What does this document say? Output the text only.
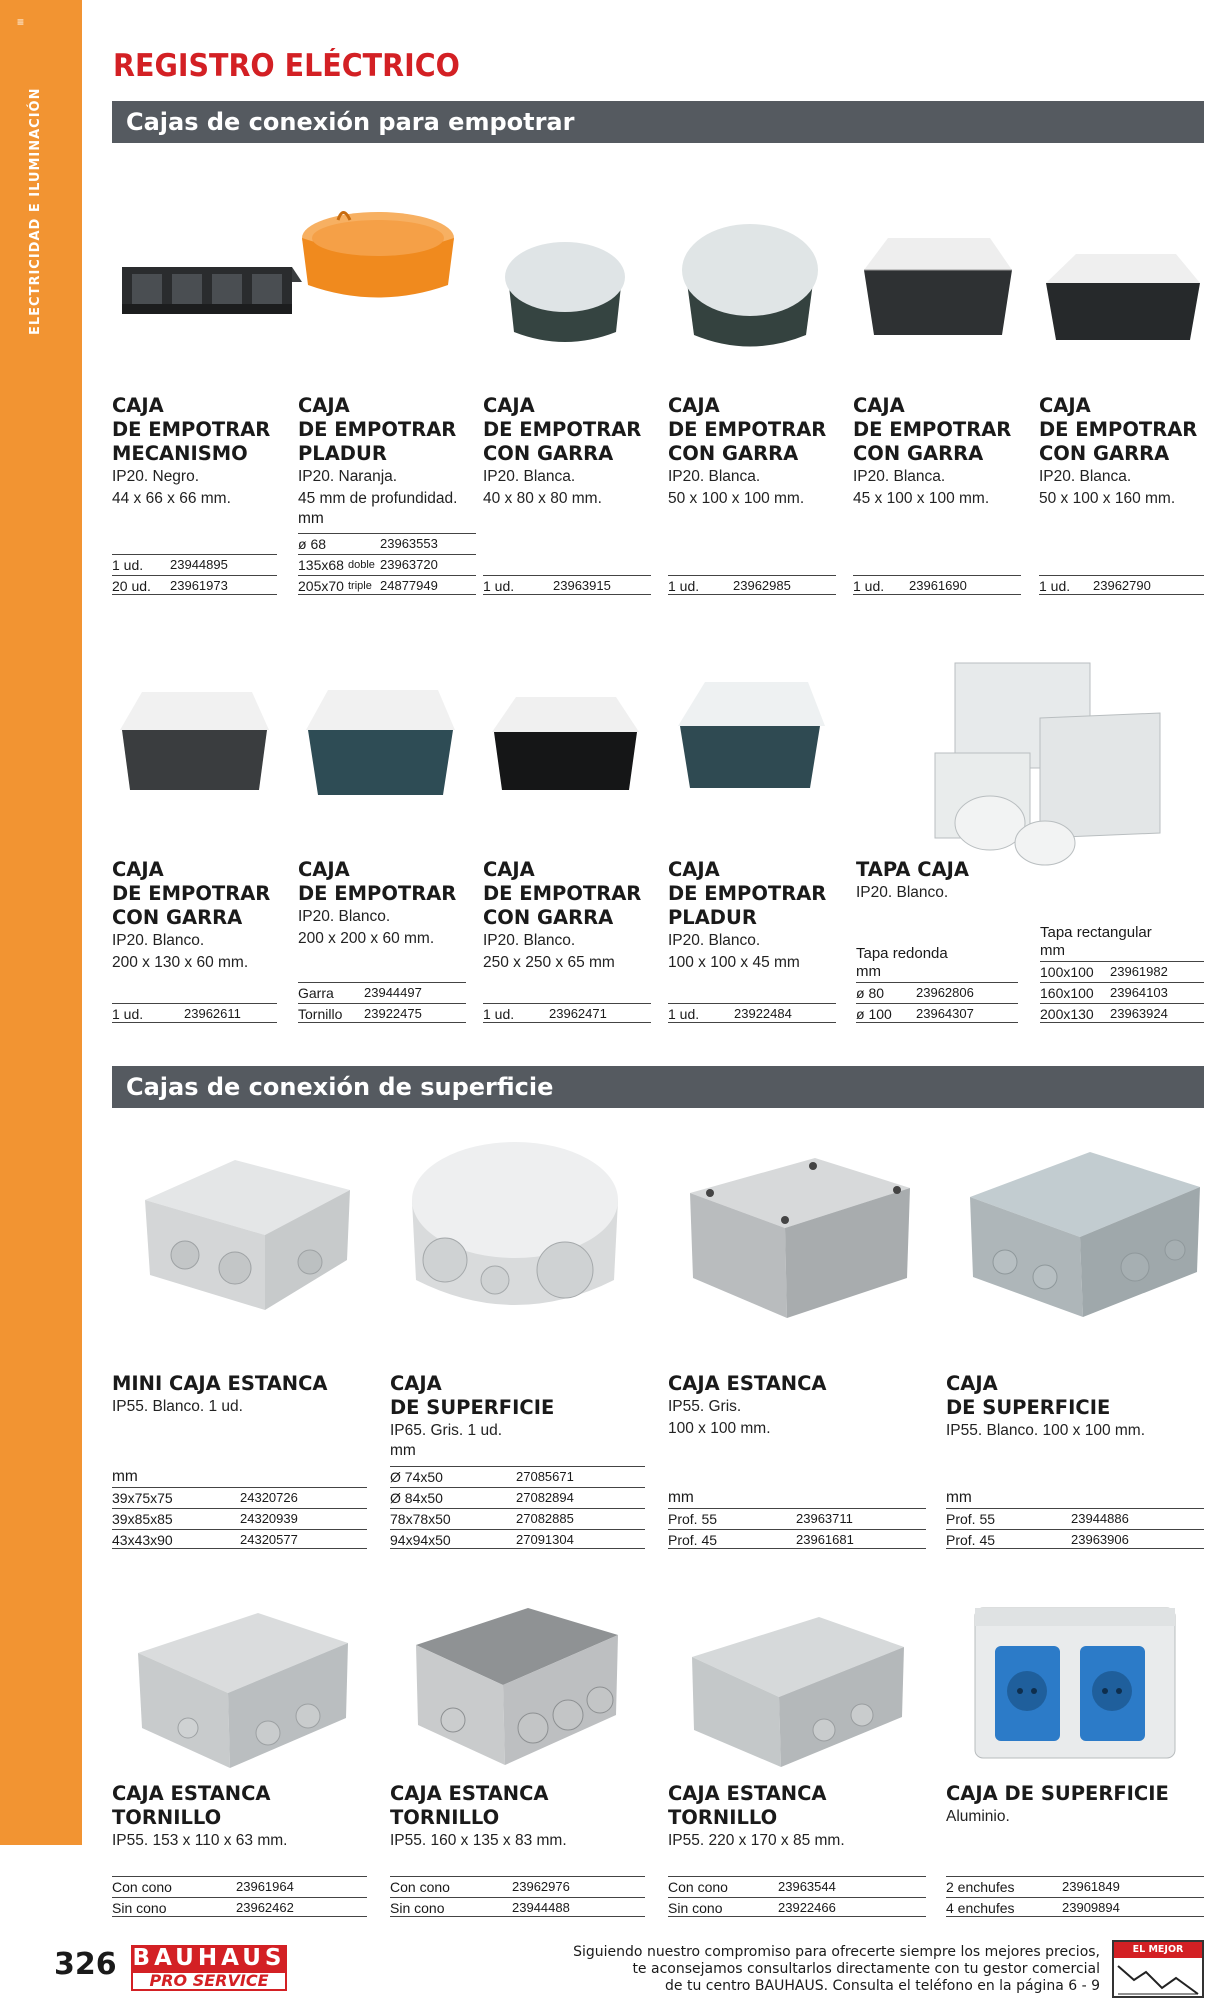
≡
ELECTRICIDAD E ILUMINACIÓN
REGISTRO ELÉCTRICO
Cajas de conexión para empotrar
Cajas de conexión de superficie
CAJA
DE EMPOTRAR
MECANISMO
IP20. Negro.
44 x 66 x 66 mm.
1 ud. 23944895
20 ud. 23961973
CAJA
DE EMPOTRAR
PLADUR
IP20. Naranja.
45 mm de profundidad.
mm
ø 68	23963553
135x68 doble 23963720
205x70 triple 24877949
CAJA
DE EMPOTRAR
CON GARRA
IP20. Blanca.
40 x 80 x 80 mm.
1 ud.	23963915
CAJA
DE EMPOTRAR
CON GARRA
IP20. Blanca.
50 x 100 x 100 mm.
1 ud.	23962985
CAJA
DE EMPOTRAR
CON GARRA
IP20. Blanca.
45 x 100 x 100 mm.
1 ud. 23961690
CAJA
DE EMPOTRAR
CON GARRA
IP20. Blanca.
50 x 100 x 160 mm.
1 ud. 23962790
CAJA
DE EMPOTRAR
CON GARRA
IP20. Blanco.
200 x 130 x 60 mm.
1 ud.	23962611
CAJA
DE EMPOTRAR
IP20. Blanco.
200 x 200 x 60 mm.
Garra 23944497
Tornillo 23922475
CAJA
DE EMPOTRAR
CON GARRA
IP20. Blanco.
250 x 250 x 65 mm
1 ud.	23962471
CAJA
DE EMPOTRAR
PLADUR
IP20. Blanco.
100 x 100 x 45 mm
1 ud.	23922484
TAPA CAJA
IP20. Blanco.
Tapa redonda
mm
ø 80 23962806
ø 100 23964307
Tapa rectangular
mm
100x100 23961982
160x100 23964103
200x130 23963924
MINI CAJA ESTANCA
IP55. Blanco. 1 ud.
mm
39x75x75	24320726
39x85x85	24320939
43x43x90	24320577
CAJA
DE SUPERFICIE
IP65. Gris. 1 ud.
mm
Ø 74x50	27085671
Ø 84x50	27082894
78x78x50	27082885
94x94x50	27091304
CAJA ESTANCA
IP55. Gris.
100 x 100 mm.
mm
Prof. 55	23963711
Prof. 45	23961681
CAJA
DE SUPERFICIE
IP55. Blanco. 100 x 100 mm.
mm
Prof. 55	23944886
Prof. 45	23963906
CAJA ESTANCA
TORNILLO
IP55. 153 x 110 x 63 mm.
Con cono	23961964
Sin cono	23962462
CAJA ESTANCA
TORNILLO
IP55. 160 x 135 x 83 mm.
Con cono	23962976
Sin cono	23944488
CAJA ESTANCA
TORNILLO
IP55. 220 x 170 x 85 mm.
Con cono	23963544
Sin cono	23922466
CAJA DE SUPERFICIE
Aluminio.
2 enchufes	23961849
4 enchufes	23909894
326 BAUHAUS
PRO SERVICE
Siguiendo nuestro compromiso para ofrecerte siempre los mejores precios,
te aconsejamos consultarlos directamente con tu gestor comercial
de tu centro BAUHAUS. Consulta el teléfono en la página 6 - 9
EL MEJOR PRECIO
